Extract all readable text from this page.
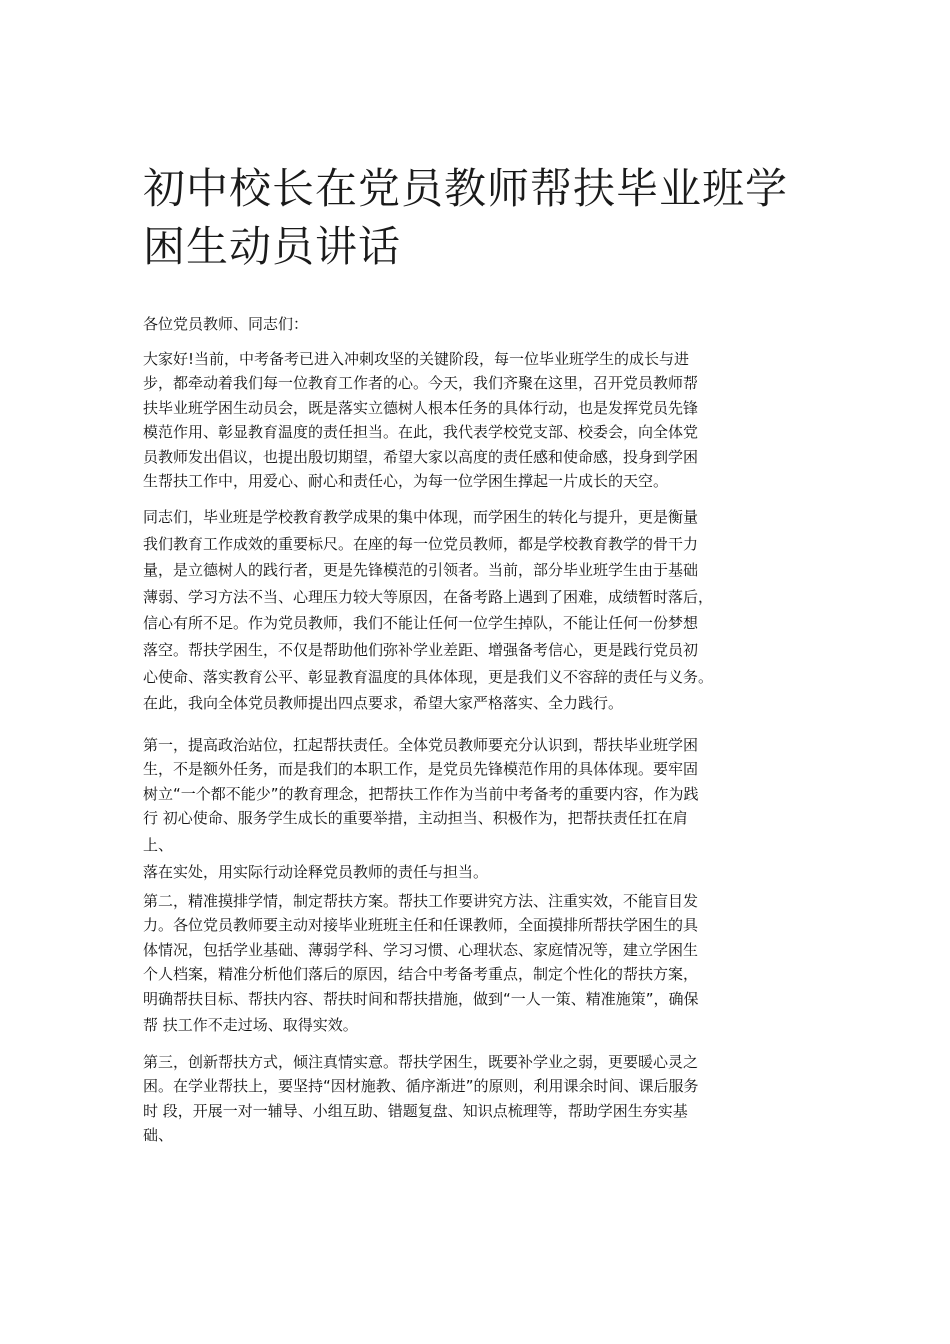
初中校长在党员教师帮扶毕业班学
困生动员讲话
各位党员教师、同志们：
大家好!当前，中考备考已进入冲刺攻坚的关键阶段，每一位毕业班学生的成长与进
步，都牵动着我们每一位教育工作者的心。今天，我们齐聚在这里，召开党员教师帮
扶毕业班学困生动员会，既是落实立德树人根本任务的具体行动，也是发挥党员先锋
模范作用、彰显教育温度的责任担当。在此，我代表学校党支部、校委会，向全体党
员教师发出倡议，也提出殷切期望，希望大家以高度的责任感和使命感，投身到学困
生帮扶工作中，用爱心、耐心和责任心，为每一位学困生撑起一片成长的天空。
同志们，毕业班是学校教育教学成果的集中体现，而学困生的转化与提升，更是衡量
我们教育工作成效的重要标尺。在座的每一位党员教师，都是学校教育教学的骨干力
量，是立德树人的践行者，更是先锋模范的引领者。当前，部分毕业班学生由于基础
薄弱、学习方法不当、心理压力较大等原因，在备考路上遇到了困难，成绩暂时落后，
信心有所不足。作为党员教师，我们不能让任何一位学生掉队，不能让任何一份梦想
落空。帮扶学困生，不仅是帮助他们弥补学业差距、增强备考信心，更是践行党员初
心使命、落实教育公平、彰显教育温度的具体体现，更是我们义不容辞的责任与义务。
在此，我向全体党员教师提出四点要求，希望大家严格落实、全力践行。
第一，提高政治站位，扛起帮扶责任。全体党员教师要充分认识到，帮扶毕业班学困
生，不是额外任务，而是我们的本职工作，是党员先锋模范作用的具体体现。要牢固
树立“一个都不能少”的教育理念，把帮扶工作作为当前中考备考的重要内容，作为践
行 初心使命、服务学生成长的重要举措，主动担当、积极作为，把帮扶责任扛在肩
上、
落在实处，用实际行动诠释党员教师的责任与担当。
第二，精准摸排学情，制定帮扶方案。帮扶工作要讲究方法、注重实效，不能盲目发
力。各位党员教师要主动对接毕业班班主任和任课教师，全面摸排所帮扶学困生的具
体情况，包括学业基础、薄弱学科、学习习惯、心理状态、家庭情况等，建立学困生
个人档案，精准分析他们落后的原因，结合中考备考重点，制定个性化的帮扶方案，
明确帮扶目标、帮扶内容、帮扶时间和帮扶措施，做到“一人一策、精准施策”，确保
帮 扶工作不走过场、取得实效。
第三，创新帮扶方式，倾注真情实意。帮扶学困生，既要补学业之弱，更要暖心灵之
困。在学业帮扶上，要坚持“因材施教、循序渐进”的原则，利用课余时间、课后服务
时 段，开展一对一辅导、小组互助、错题复盘、知识点梳理等，帮助学困生夯实基
础、
